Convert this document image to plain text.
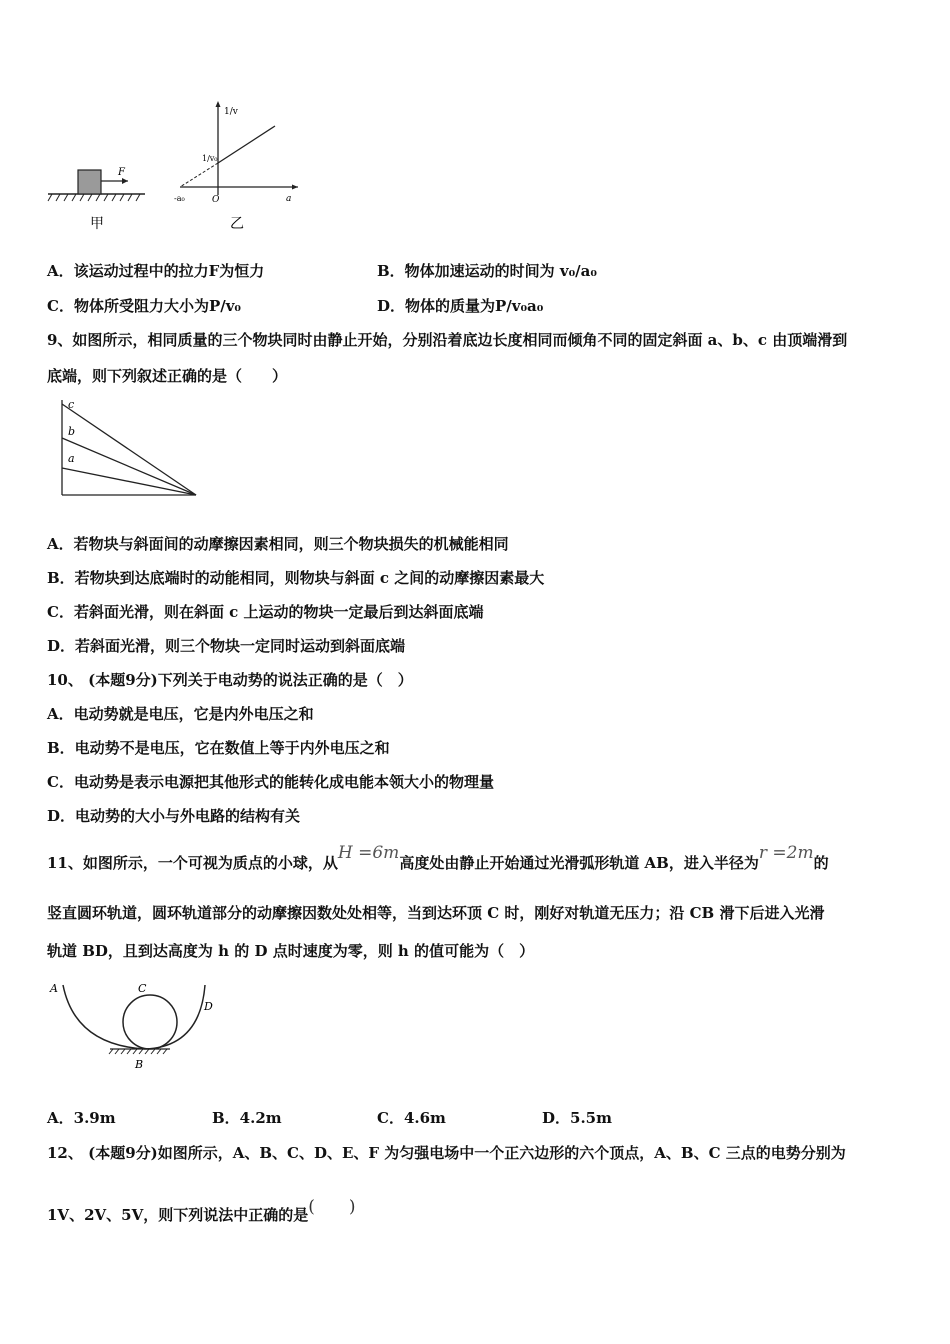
F
甲
1/v
1/v₀
O
-a₀	a
乙
A．该运动过程中的拉力F为恒力	B．物体加速运动的时间为 v₀/a₀
C．物体所受阻力大小为P/v₀	D．物体的质量为P/v₀a₀
9、如图所示，相同质量的三个物块同时由静止开始，分别沿着底边长度相同而倾角不同的固定斜面 a、b、c 由顶端滑到
底端，则下列叙述正确的是（　　）
c
b
a
A．若物块与斜面间的动摩擦因素相同，则三个物块损失的机械能相同
B．若物块到达底端时的动能相同，则物块与斜面 c 之间的动摩擦因素最大
C．若斜面光滑，则在斜面 c 上运动的物块一定最后到达斜面底端
D．若斜面光滑，则三个物块一定同时运动到斜面底端
10、 (本题9分)下列关于电动势的说法正确的是（　）
A．电动势就是电压，它是内外电压之和
B．电动势不是电压，它在数值上等于内外电压之和
C．电动势是表示电源把其他形式的能转化成电能本领大小的物理量
D．电动势的大小与外电路的结构有关
11、如图所示，一个可视为质点的小球，从H =6m高度处由静止开始通过光滑弧形轨道 AB，进入半径为r =2m的
竖直圆环轨道，圆环轨道部分的动摩擦因数处处相等，当到达环顶 C 时，刚好对轨道无压力；沿 CB 滑下后进入光滑
轨道 BD，且到达高度为 h 的 D 点时速度为零，则 h 的值可能为（　）
A	C
D
B
A．3.9m	B．4.2m	C．4.6m	D．5.5m
12、 (本题9分)如图所示，A、B、C、D、E、F 为匀强电场中一个正六边形的六个顶点，A、B、C 三点的电势分别为
1V、2V、5V，则下列说法中正确的是(　　)
